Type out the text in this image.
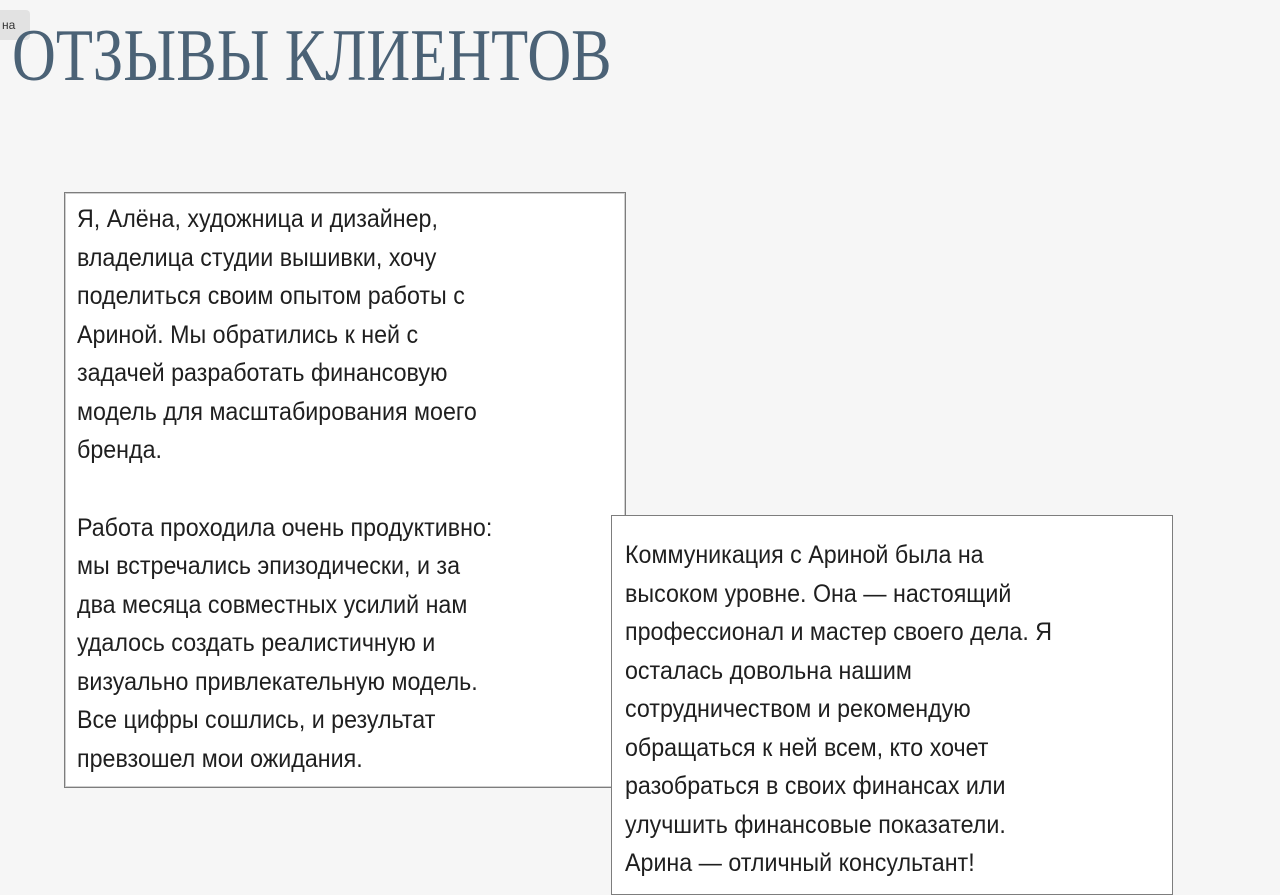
на
ОТЗЫВЫ КЛИЕНТОВ

Я, Алёна, художница и дизайнер,
владелица студии вышивки, хочу
поделиться своим опытом работы с
Ариной. Мы обратились к ней с
задачей разработать финансовую
модель для масштабирования моего
бренда.

Работа проходила очень продуктивно:
мы встречались эпизодически, и за
два месяца совместных усилий нам
удалось создать реалистичную и
визуально привлекательную модель.
Все цифры сошлись, и результат
превзошел мои ожидания.

Коммуникация с Ариной была на
высоком уровне. Она — настоящий
профессионал и мастер своего дела. Я
осталась довольна нашим
сотрудничеством и рекомендую
обращаться к ней всем, кто хочет
разобраться в своих финансах или
улучшить финансовые показатели.
Арина — отличный консультант!
